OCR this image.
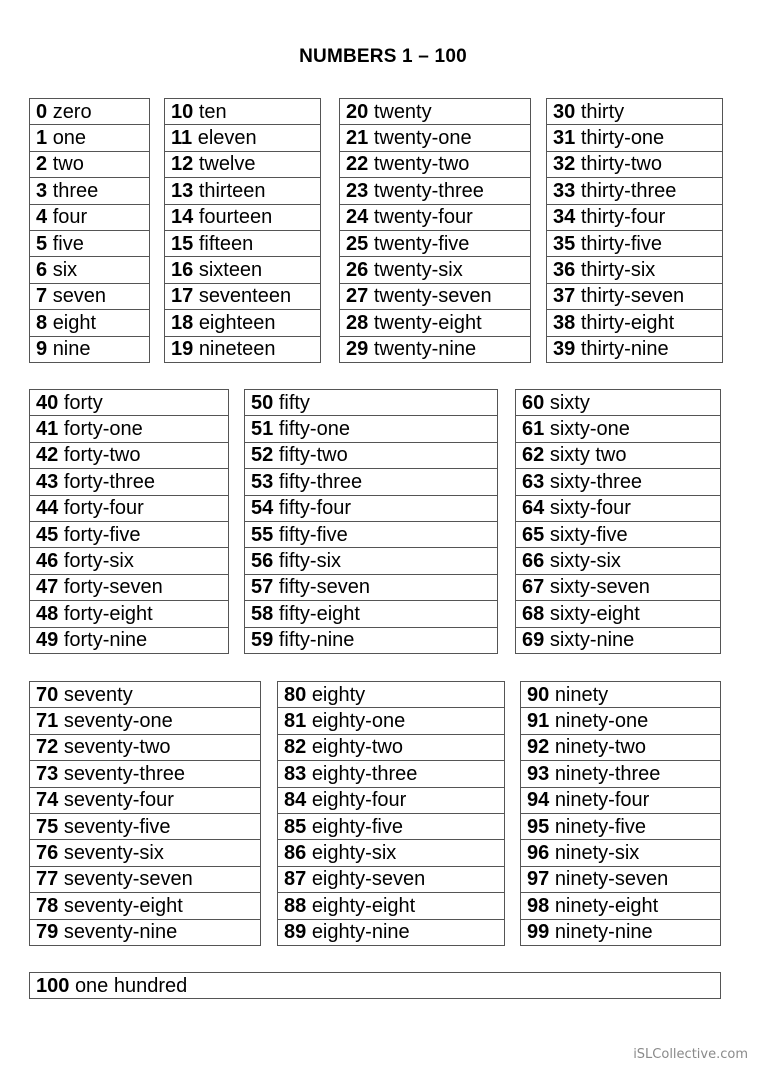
NUMBERS 1 – 100
0 zero
1 one
2 two
3 three
4 four
5 five
6 six
7 seven
8 eight
9 nine
10 ten
11 eleven
12 twelve
13 thirteen
14 fourteen
15 fifteen
16 sixteen
17 seventeen
18 eighteen
19 nineteen
20 twenty
21 twenty-one
22 twenty-two
23 twenty-three
24 twenty-four
25 twenty-five
26 twenty-six
27 twenty-seven
28 twenty-eight
29 twenty-nine
30 thirty
31 thirty-one
32 thirty-two
33 thirty-three
34 thirty-four
35 thirty-five
36 thirty-six
37 thirty-seven
38 thirty-eight
39 thirty-nine
40 forty
41 forty-one
42 forty-two
43 forty-three
44 forty-four
45 forty-five
46 forty-six
47 forty-seven
48 forty-eight
49 forty-nine
50 fifty
51 fifty-one
52 fifty-two
53 fifty-three
54 fifty-four
55 fifty-five
56 fifty-six
57 fifty-seven
58 fifty-eight
59 fifty-nine
60 sixty
61 sixty-one
62 sixty two
63 sixty-three
64 sixty-four
65 sixty-five
66 sixty-six
67 sixty-seven
68 sixty-eight
69 sixty-nine
70 seventy
71 seventy-one
72 seventy-two
73 seventy-three
74 seventy-four
75 seventy-five
76 seventy-six
77 seventy-seven
78 seventy-eight
79 seventy-nine
80 eighty
81 eighty-one
82 eighty-two
83 eighty-three
84 eighty-four
85 eighty-five
86 eighty-six
87 eighty-seven
88 eighty-eight
89 eighty-nine
90 ninety
91 ninety-one
92 ninety-two
93 ninety-three
94 ninety-four
95 ninety-five
96 ninety-six
97 ninety-seven
98 ninety-eight
99 ninety-nine
100 one hundred
iSLCollective.com
